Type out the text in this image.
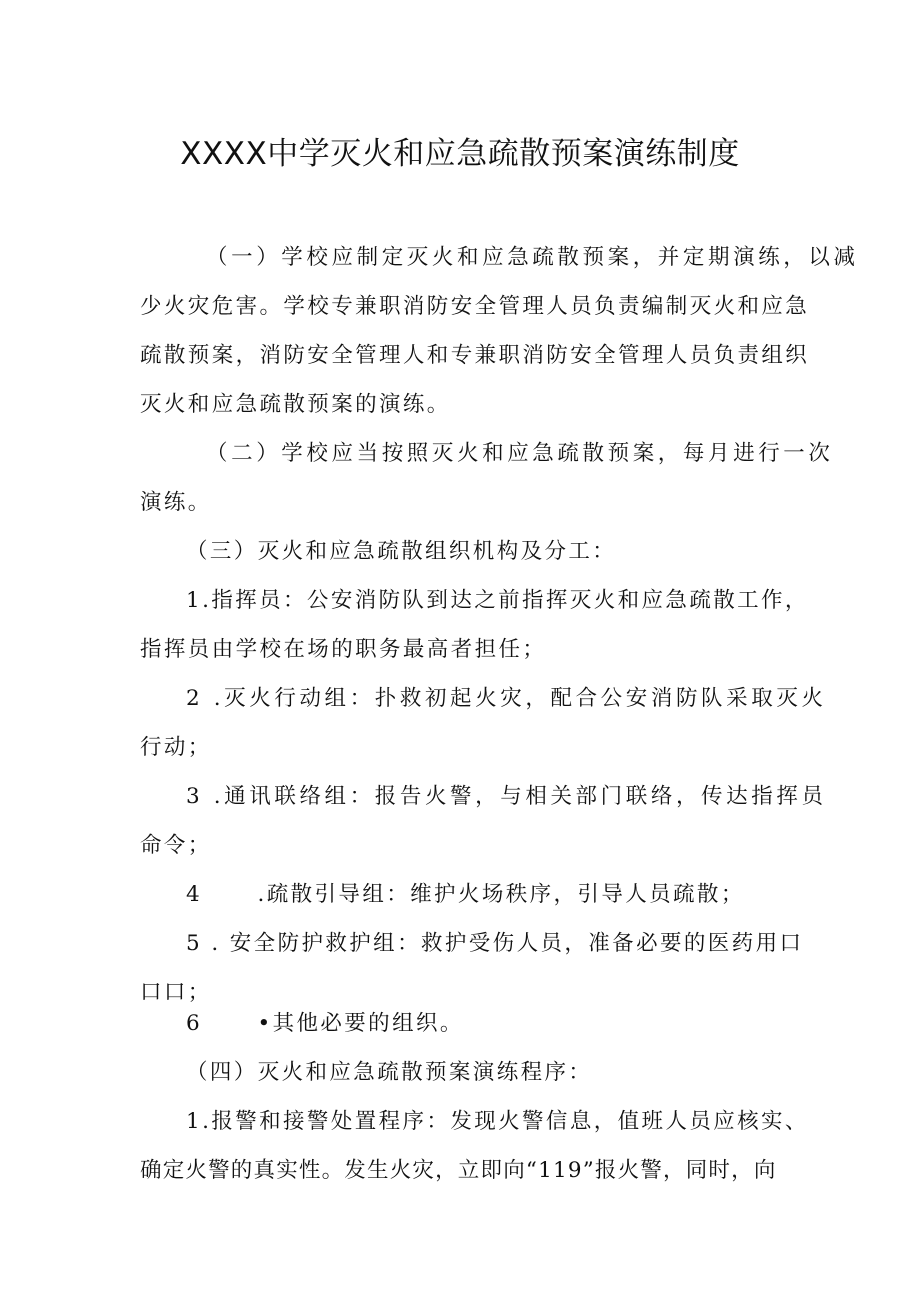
XXXX中学灭火和应急疏散预案演练制度
（一）学校应制定灭火和应急疏散预案，并定期演练，以减
少火灾危害。学校专兼职消防安全管理人员负责编制灭火和应急
疏散预案，消防安全管理人和专兼职消防安全管理人员负责组织
灭火和应急疏散预案的演练。
（二）学校应当按照灭火和应急疏散预案，每月进行一次
演练。
（三）灭火和应急疏散组织机构及分工：
1.指挥员：公安消防队到达之前指挥灭火和应急疏散工作，
指挥员由学校在场的职务最高者担任；
2 .灭火行动组：扑救初起火灾，配合公安消防队采取灭火
行动；
3 .通讯联络组：报告火警，与相关部门联络，传达指挥员
命令；
4      .疏散引导组：维护火场秩序，引导人员疏散；
5 . 安全防护救护组：救护受伤人员，准备必要的医药用口
口口；
6      •其他必要的组织。
（四）灭火和应急疏散预案演练程序：
1.报警和接警处置程序：发现火警信息，值班人员应核实、
确定火警的真实性。发生火灾，立即向“119”报火警，同时，向
